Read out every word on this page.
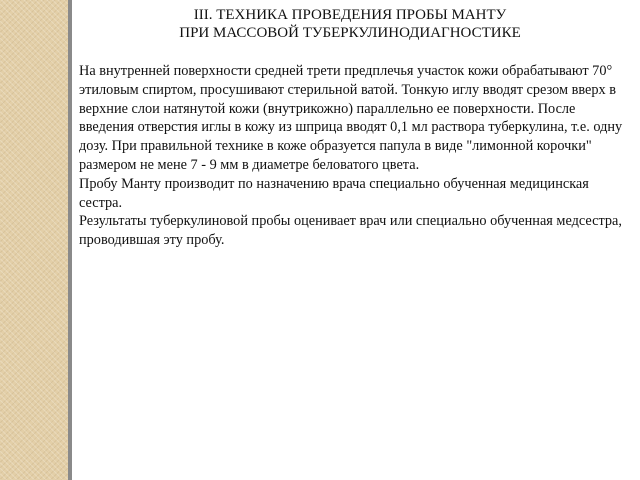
III. ТЕХНИКА ПРОВЕДЕНИЯ ПРОБЫ МАНТУ
ПРИ МАССОВОЙ ТУБЕРКУЛИНОДИАГНОСТИКЕ

На внутренней поверхности средней трети предплечья участок кожи обрабатывают 70° этиловым спиртом, просушивают стерильной ватой. Тонкую иглу вводят срезом вверх в верхние слои натянутой кожи (внутрикожно) параллельно ее поверхности. После введения отверстия иглы в кожу из шприца вводят 0,1 мл раствора туберкулина, т.е. одну дозу. При правильной технике в коже образуется папула в виде "лимонной корочки" размером не мене 7 - 9 мм в диаметре беловатого цвета.

Пробу Манту производит по назначению врача специально обученная медицинская сестра.

Результаты туберкулиновой пробы оценивает врач или специально обученная медсестра, проводившая эту пробу.
